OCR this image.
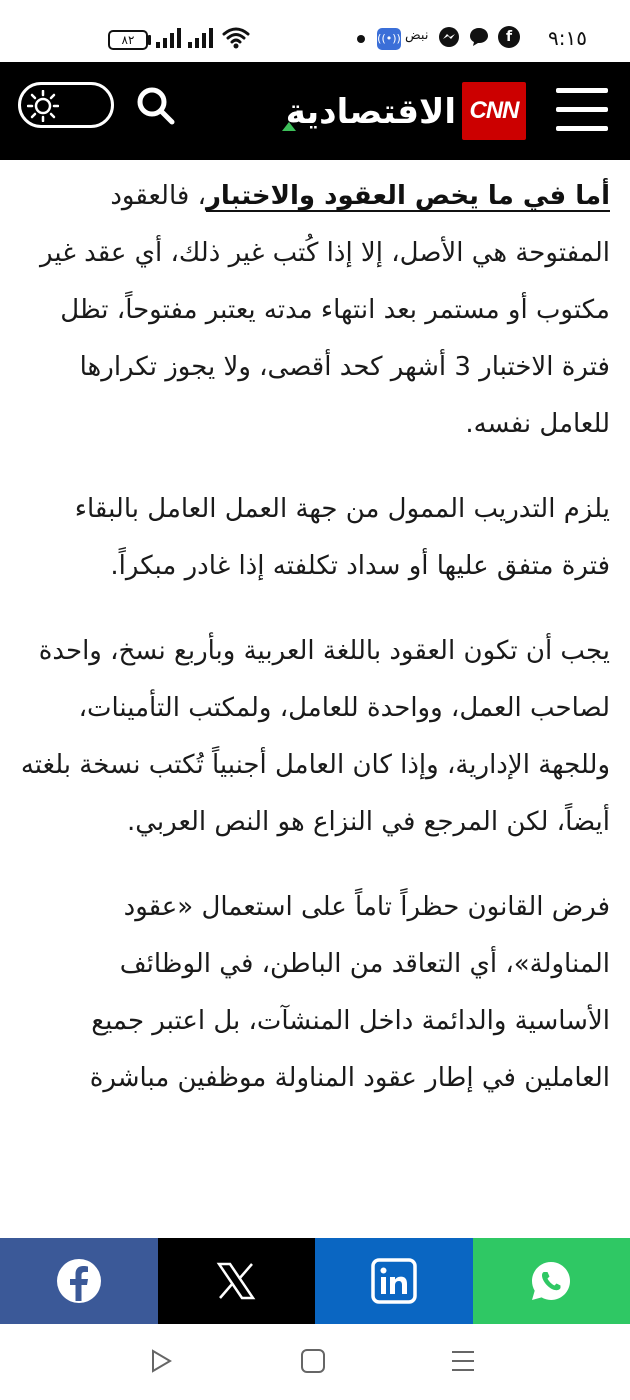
٩:١٥
f
نبض
((•))
٨٢
CNN
الاقتصادية

أما في ما يخص العقود والاختبار، فالعقود المفتوحة هي الأصل، إلا إذا كُتب غير ذلك، أي عقد غير مكتوب أو مستمر بعد انتهاء مدته يعتبر مفتوحاً، تظل فترة الاختبار 3 أشهر كحد أقصى، ولا يجوز تكرارها للعامل نفسه.

يلزم التدريب الممول من جهة العمل العامل بالبقاء فترة متفق عليها أو سداد تكلفته إذا غادر مبكراً.

يجب أن تكون العقود باللغة العربية وبأربع نسخ، واحدة لصاحب العمل، وواحدة للعامل، ولمكتب التأمينات، وللجهة الإدارية، وإذا كان العامل أجنبياً تُكتب نسخة بلغته أيضاً، لكن المرجع في النزاع هو النص العربي.

فرض القانون حظراً تاماً على استعمال «عقود المناولة»، أي التعاقد من الباطن، في الوظائف الأساسية والدائمة داخل المنشآت، بل اعتبر جميع العاملين في إطار عقود المناولة موظفين مباشرة
